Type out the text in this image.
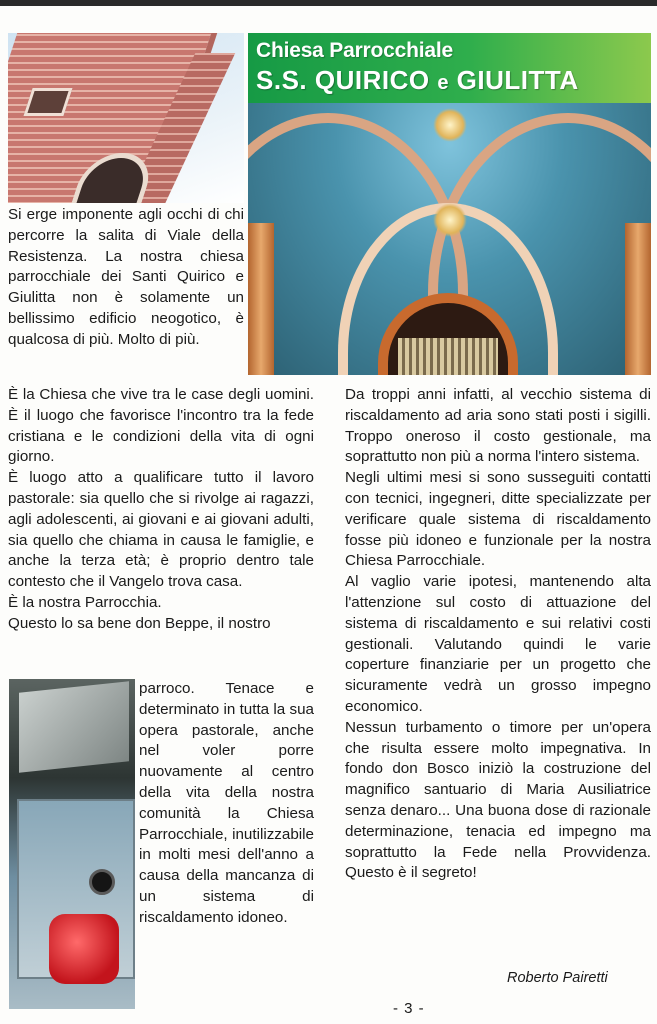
Chiesa Parrocchiale
S.S. QUIRICO e GIULITTA

Si erge imponente agli occhi di chi percorre la salita di Viale della Resistenza. La nostra chiesa parrocchiale dei Santi Quirico e Giulitta non è solamente un bellissimo edificio neogotico, è qualcosa di più. Molto di più.

È la Chiesa che vive tra le case degli uomini. È il luogo che favorisce l'incontro tra la fede cristiana e le condizioni della vita di ogni giorno.

È luogo atto a qualificare tutto il lavoro pastorale: sia quello che si rivolge ai ragazzi, agli adolescenti, ai giovani e ai giovani adulti, sia quello che chiama in causa le famiglie, e anche la terza età; è proprio dentro tale contesto che il Vangelo trova casa.

È la nostra Parrocchia.

Questo lo sa bene don Beppe, il nostro

parroco. Tenace e determinato in tutta la sua opera pastorale, anche nel voler porre nuovamente al centro della vita della nostra comunità la Chiesa Parrocchiale, inutilizzabile in molti mesi dell'anno a causa della mancanza di un sistema di riscaldamento idoneo.

Da troppi anni infatti, al vecchio sistema di riscaldamento ad aria sono stati posti i sigilli. Troppo oneroso il costo gestionale, ma soprattutto non più a norma l'intero sistema.

Negli ultimi mesi si sono susseguiti contatti con tecnici, ingegneri, ditte specializzate per verificare quale sistema di riscaldamento fosse più idoneo e funzionale per la nostra Chiesa Parrocchiale.

Al vaglio varie ipotesi, mantenendo alta l'attenzione sul costo di attuazione del sistema di riscaldamento e sui relativi costi gestionali. Valutando quindi le varie coperture finanziarie per un progetto che sicuramente vedrà un grosso impegno economico.

Nessun turbamento o timore per un'opera che risulta essere molto impegnativa. In fondo don Bosco iniziò la costruzione del magnifico santuario di Maria Ausiliatrice senza denaro... Una buona dose di razionale determinazione, tenacia ed impegno ma soprattutto la Fede nella Provvidenza. Questo è il segreto!

Roberto Pairetti
- 3 -
